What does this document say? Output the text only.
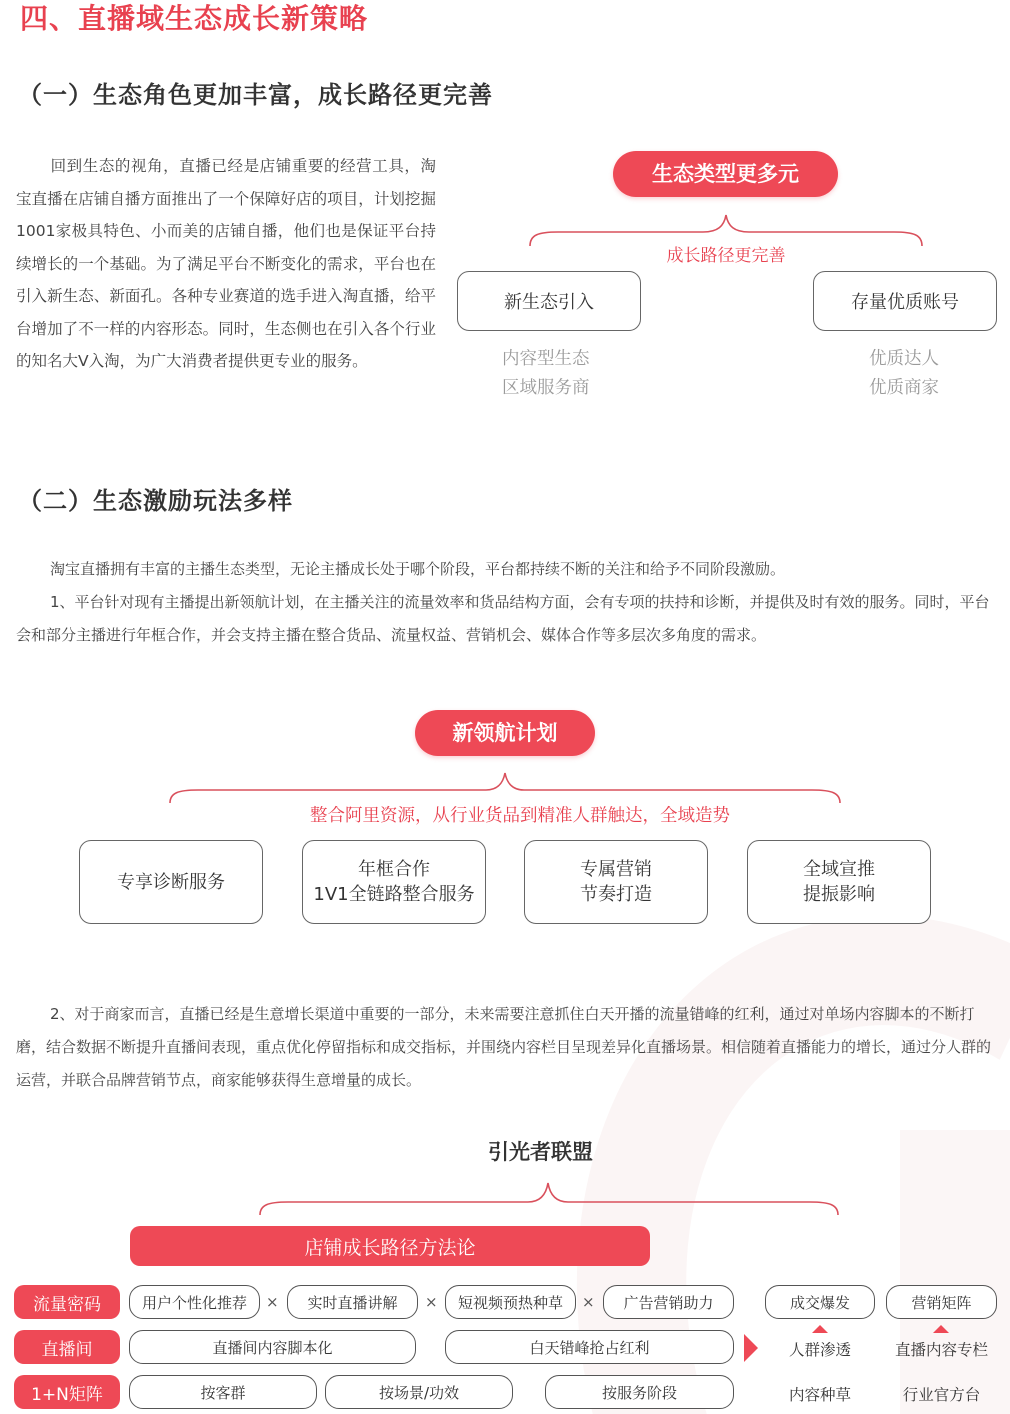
四、直播域生态成长新策略
（一）生态角色更加丰富，成长路径更完善
回到生态的视角，直播已经是店铺重要的经营工具，淘宝直播在店铺自播方面推出了一个保障好店的项目，计划挖掘1001家极具特色、小而美的店铺自播，他们也是保证平台持续增长的一个基础。为了满足平台不断变化的需求，平台也在引入新生态、新面孔。各种专业赛道的选手进入淘直播，给平台增加了不一样的内容形态。同时，生态侧也在引入各个行业的知名大V入淘，为广大消费者提供更专业的服务。
生态类型更多元
成长路径更完善
新生态引入	存量优质账号
内容型生态
区域服务商
优质达人
优质商家
（二）生态激励玩法多样
淘宝直播拥有丰富的主播生态类型，无论主播成长处于哪个阶段，平台都持续不断的关注和给予不同阶段激励。
1、平台针对现有主播提出新领航计划，在主播关注的流量效率和货品结构方面，会有专项的扶持和诊断，并提供及时有效的服务。同时，平台会和部分主播进行年框合作，并会支持主播在整合货品、流量权益、营销机会、媒体合作等多层次多角度的需求。
新领航计划
整合阿里资源，从行业货品到精准人群触达，全域造势
专享诊断服务
年框合作
1V1全链路整合服务
专属营销
节奏打造
全域宣推
提振影响
2、对于商家而言，直播已经是生意增长渠道中重要的一部分，未来需要注意抓住白天开播的流量错峰的红利，通过对单场内容脚本的不断打磨，结合数据不断提升直播间表现，重点优化停留指标和成交指标，并围绕内容栏目呈现差异化直播场景。相信随着直播能力的增长，通过分人群的运营，并联合品牌营销节点，商家能够获得生意增量的成长。
引光者联盟
店铺成长路径方法论
流量密码	用户个性化推荐	×	实时直播讲解	×	短视频预热种草	×	广告营销助力
直播间	直播间内容脚本化	白天错峰抢占红利
1+N矩阵	按客群	按场景/功效	按服务阶段
成交爆发
人群渗透
内容种草
营销矩阵
直播内容专栏
行业官方台
